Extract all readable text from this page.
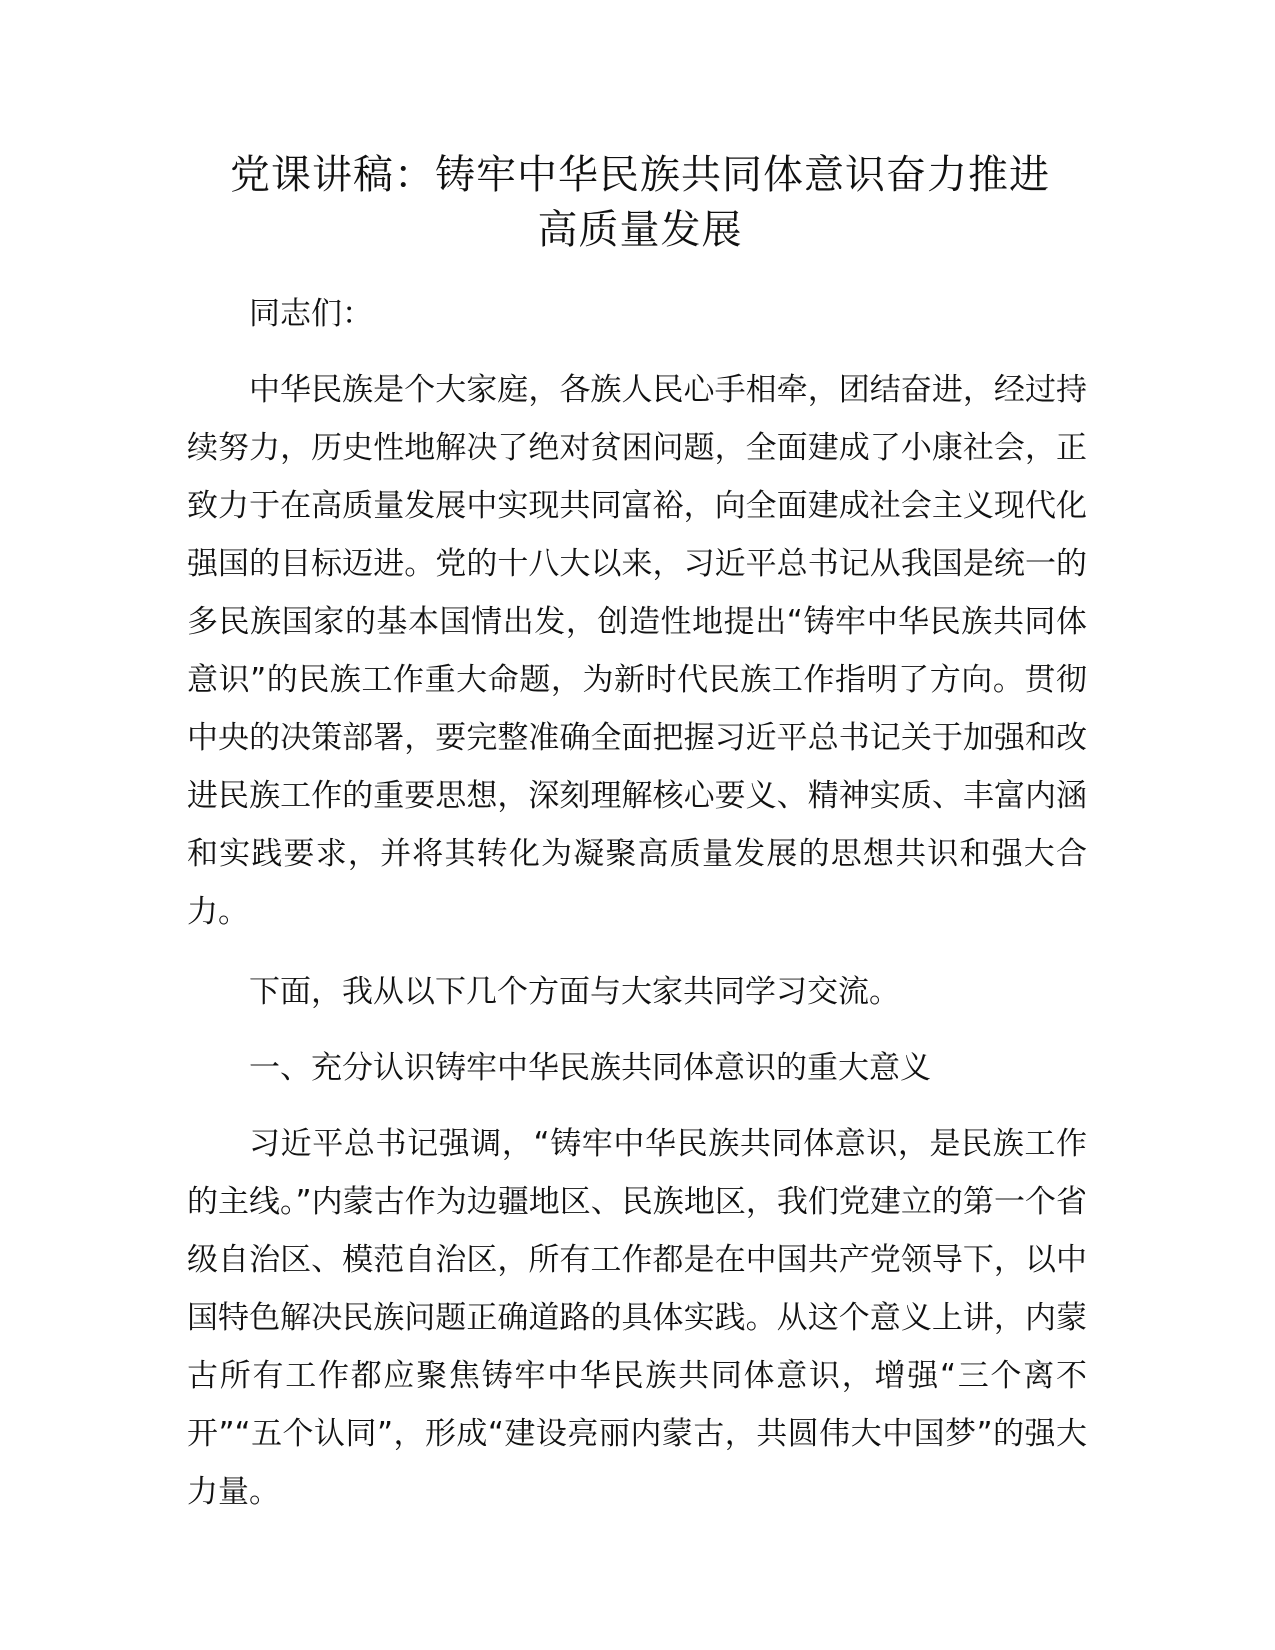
党课讲稿：铸牢中华民族共同体意识奋力推进
高质量发展

同志们：

中华民族是个大家庭，各族人民心手相牵，团结奋进，经过持续努力，历史性地解决了绝对贫困问题，全面建成了小康社会，正致力于在高质量发展中实现共同富裕，向全面建成社会主义现代化强国的目标迈进。党的十八大以来，习近平总书记从我国是统一的多民族国家的基本国情出发，创造性地提出“铸牢中华民族共同体意识”的民族工作重大命题，为新时代民族工作指明了方向。贯彻中央的决策部署，要完整准确全面把握习近平总书记关于加强和改进民族工作的重要思想，深刻理解核心要义、精神实质、丰富内涵和实践要求，并将其转化为凝聚高质量发展的思想共识和强大合力。

下面，我从以下几个方面与大家共同学习交流。

一、充分认识铸牢中华民族共同体意识的重大意义

习近平总书记强调，“铸牢中华民族共同体意识，是民族工作的主线。”内蒙古作为边疆地区、民族地区，我们党建立的第一个省级自治区、模范自治区，所有工作都是在中国共产党领导下，以中国特色解决民族问题正确道路的具体实践。从这个意义上讲，内蒙古所有工作都应聚焦铸牢中华民族共同体意识，增强“三个离不开”“五个认同”，形成“建设亮丽内蒙古，共圆伟大中国梦”的强大力量。
